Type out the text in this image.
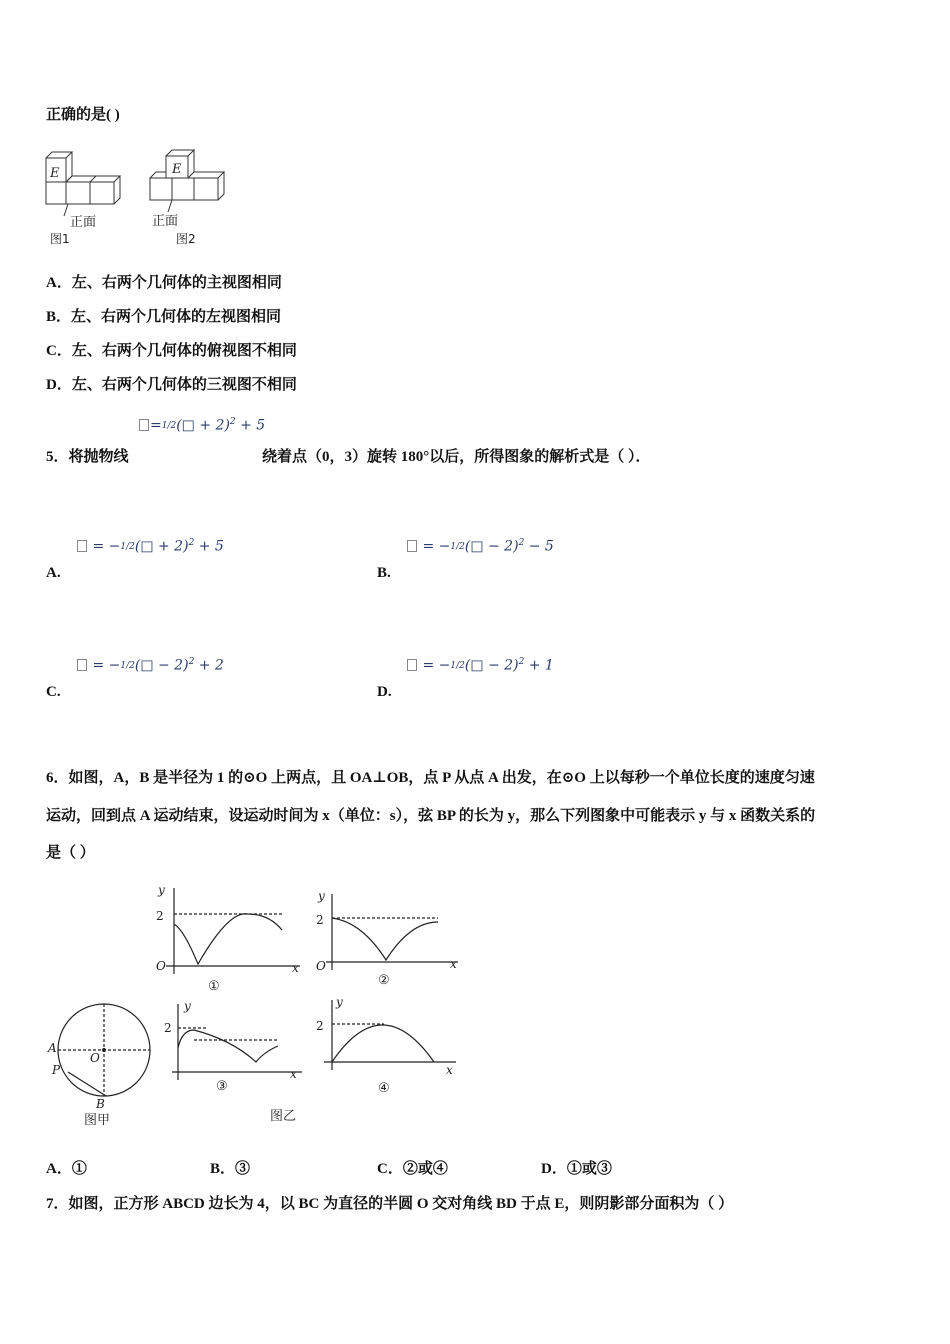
正确的是( )
E	E
正面	正面
图1	图2
A．左、右两个几何体的主视图相同
B．左、右两个几何体的左视图相同
C．左、右两个几何体的俯视图不相同
D．左、右两个几何体的三视图不相同
=1/2(□ + 2)$^2$ + 5
5．将抛物线	绕着点（0，3）旋转 180°以后，所得图象的解析式是（ ）．
= −1/2(□ + 2)$^2$ + 5
A.
= −1/2(□ − 2)$^2$ − 5
B.
= −1/2(□ − 2)$^2$ + 2
C.
= −1/2(□ − 2)$^2$ + 1
D.
6．如图，A，B 是半径为 1 的⊙O 上两点，且 OA⊥OB，点 P 从点 A 出发，在⊙O 上以每秒一个单位长度的速度匀速
运动，回到点 A 运动结束，设运动时间为 x（单位：s），弦 BP 的长为 y，那么下列图象中可能表示 y 与 x 函数关系的
是（ ）
y
2
O	x
y
2
O	x
y
2
x
y
2
x
A
P
O
B
①	②
③	④
图甲	图乙
A．①	B．③	C．②或④	D．①或③
7．如图，正方形 ABCD 边长为 4，以 BC 为直径的半圆 O 交对角线 BD 于点 E，则阴影部分面积为（ ）
